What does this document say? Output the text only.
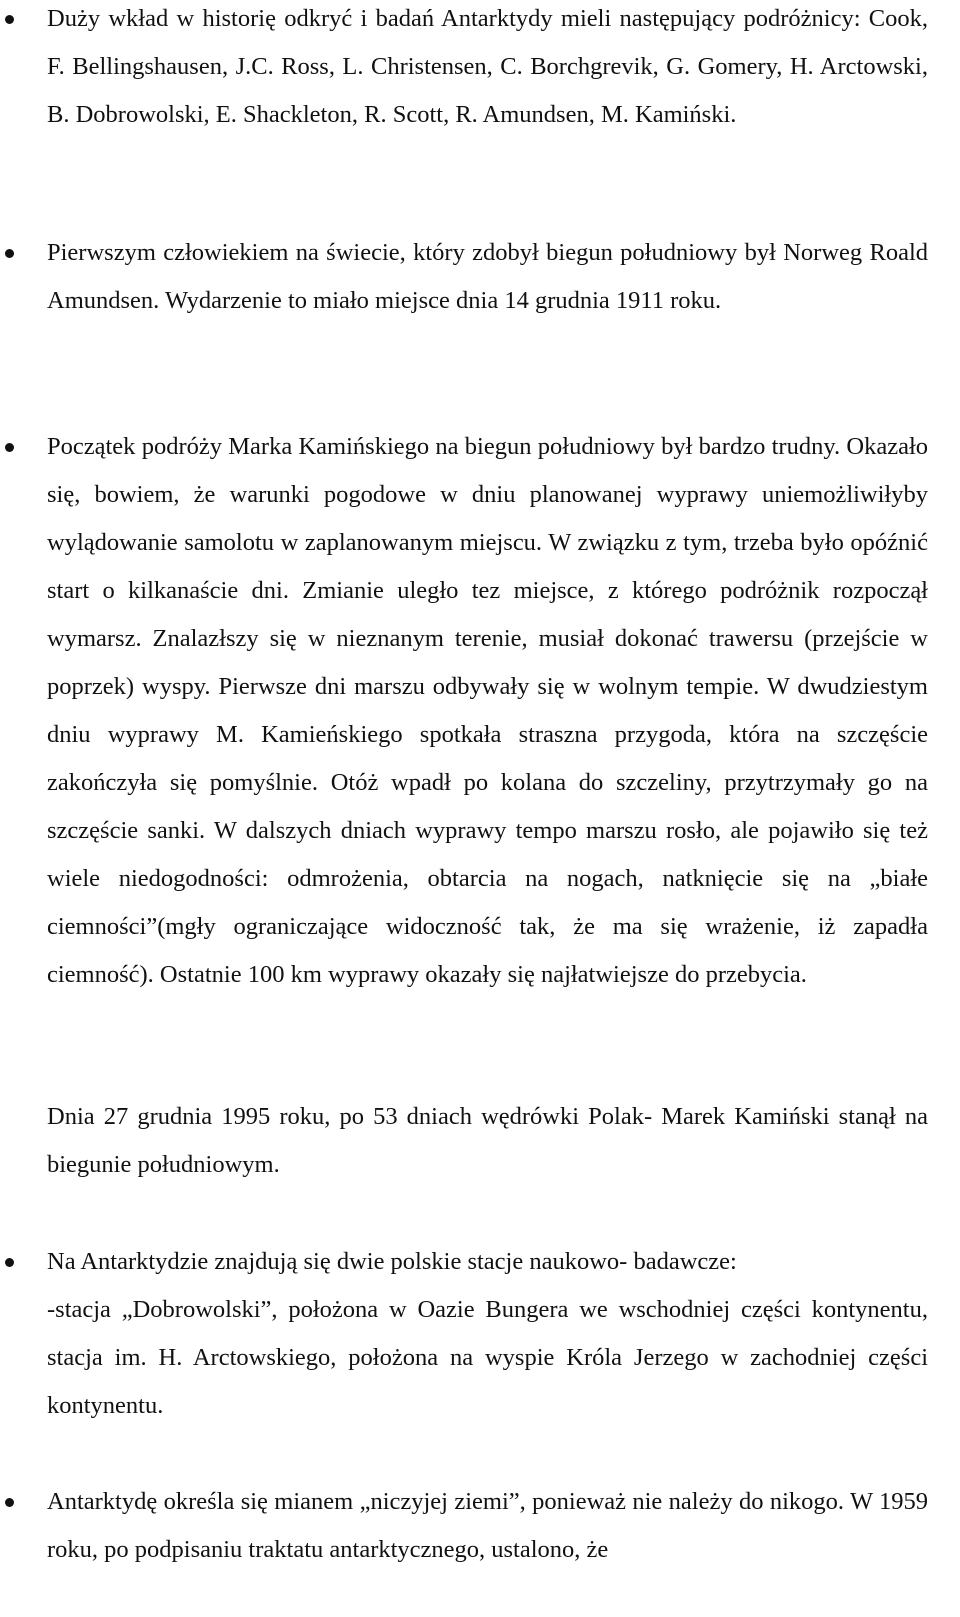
Duży wkład w historię odkryć i badań Antarktydy mieli następujący podróżnicy: Cook, F. Bellingshausen, J.C. Ross, L. Christensen, C. Borchgrevik, G. Gomery, H. Arctowski, B. Dobrowolski, E. Shackleton, R. Scott, R. Amundsen, M. Kamiński.

Pierwszym człowiekiem na świecie, który zdobył biegun południowy był Norweg Roald Amundsen. Wydarzenie to miało miejsce dnia 14 grudnia 1911 roku.

Początek podróży Marka Kamińskiego na biegun południowy był bardzo trudny. Okazało się, bowiem, że warunki pogodowe w dniu planowanej wyprawy uniemożliwiłyby wylądowanie samolotu w zaplanowanym miejscu. W związku z tym, trzeba było opóźnić start o kilkanaście dni. Zmianie uległo tez miejsce, z którego podróżnik rozpoczął wymarsz. Znalazłszy się w nieznanym terenie, musiał dokonać trawersu (przejście w poprzek) wyspy. Pierwsze dni marszu odbywały się w wolnym tempie. W dwudziestym dniu wyprawy M. Kamieńskiego spotkała straszna przygoda, która na szczęście zakończyła się pomyślnie. Otóż wpadł po kolana do szczeliny, przytrzymały go na szczęście sanki. W dalszych dniach wyprawy tempo marszu rosło, ale pojawiło się też wiele niedogodności: odmrożenia, obtarcia na nogach, natknięcie się na „białe ciemności”(mgły ograniczające widoczność tak, że ma się wrażenie, iż zapadła ciemność). Ostatnie 100 km wyprawy okazały się najłatwiejsze do przebycia.

Dnia 27 grudnia 1995 roku, po 53 dniach wędrówki Polak- Marek Kamiński stanął na biegunie południowym.

Na Antarktydzie znajdują się dwie polskie stacje naukowo- badawcze:

-stacja „Dobrowolski”, położona w Oazie Bungera we wschodniej części kontynentu, stacja im. H. Arctowskiego, położona na wyspie Króla Jerzego w zachodniej części kontynentu.

Antarktydę określa się mianem „niczyjej ziemi”, ponieważ nie należy do nikogo. W 1959 roku, po podpisaniu traktatu antarktycznego, ustalono, że
